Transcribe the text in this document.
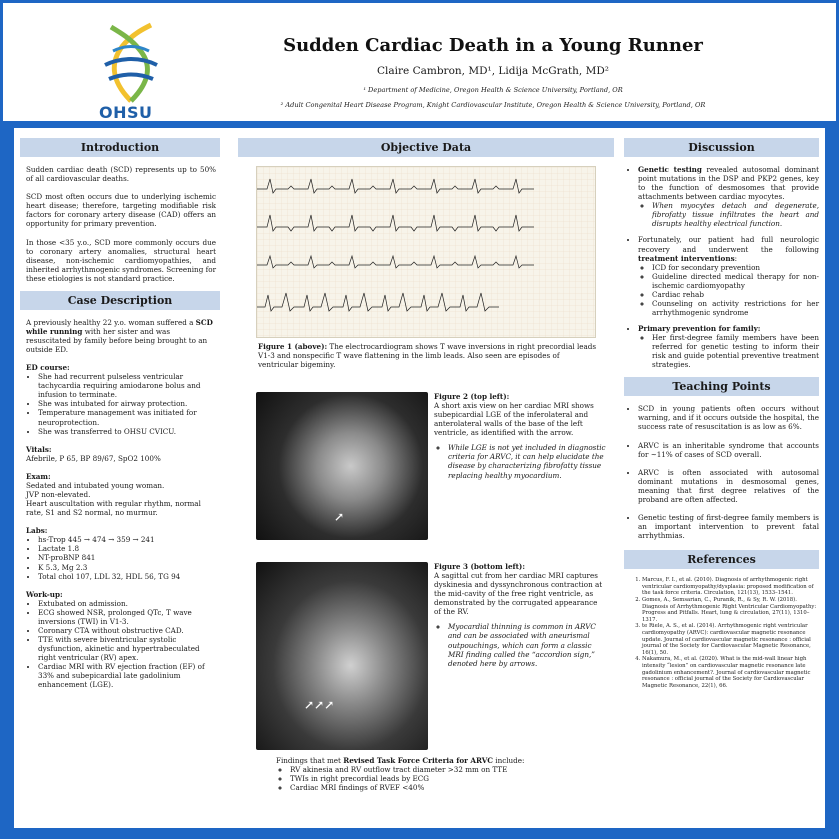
OHSU
Sudden Cardiac Death in a Young Runner
Claire Cambron, MD¹, Lidija McGrath, MD²
¹ Department of Medicine, Oregon Health & Science University, Portland, OR
² Adult Congenital Heart Disease Program, Knight Cardiovascular Institute, Oregon Health & Science University, Portland, OR
Introduction

Sudden cardiac death (SCD) represents up to 50% of all cardiovascular deaths.

SCD most often occurs due to underlying ischemic heart disease; therefore, targeting modifiable risk factors for coronary artery disease (CAD) offers an opportunity for primary prevention.

In those <35 y.o., SCD more commonly occurs due to coronary artery anomalies, structural heart disease, non-ischemic cardiomyopathies, and inherited arrhythmogenic syndromes. Screening for these etiologies is not standard practice.

Case Description

A previously healthy 22 y.o. woman suffered a SCD while running with her sister and was resuscitated by family before being brought to an outside ED.

ED course:

• She had recurrent pulseless ventricular tachycardia requiring amiodarone bolus and infusion to terminate.
• She was intubated for airway protection.
• Temperature management was initiated for neuroprotection.
• She was transferred to OHSU CVICU.

Vitals:

Afebrile, P 65, BP 89/67, SpO2 100%

Exam:

Sedated and intubated young woman.

JVP non-elevated.

Heart auscultation with regular rhythm, normal rate, S1 and S2 normal, no murmur.

Labs:

• hs-Trop 445 → 474 → 359 → 241
• Lactate 1.8
• NT-proBNP 841
• K 5.3, Mg 2.3
• Total chol 107, LDL 32, HDL 56, TG 94

Work-up:

• Extubated on admission.
• ECG showed NSR, prolonged QTc, T wave inversions (TWI) in V1-3.
• Coronary CTA without obstructive CAD.
• TTE with severe biventricular systolic dysfunction, akinetic and hypertrabeculated right ventricular (RV) apex.
• Cardiac MRI with RV ejection fraction (EF) of 33% and subepicardial late gadolinium enhancement (LGE).
Objective Data
Figure 1 (above): The electrocardiogram shows T wave inversions in right precordial leads V1-3 and nonspecific T wave flattening in the limb leads. Also seen are episodes of ventricular bigeminy.
↗

Figure 2 (top left):

A short axis view on her cardiac MRI shows subepicardial LGE of the inferolateral and anterolateral walls of the base of the left ventricle, as identified with the arrow.

◦ While LGE is not yet included in diagnostic criteria for ARVC, it can help elucidate the disease by characterizing fibrofatty tissue replacing healthy myocardium.
↗↗↗

Figure 3 (bottom left):

A sagittal cut from her cardiac MRI captures dyskinesia and dyssynchronous contraction at the mid-cavity of the free right ventricle, as demonstrated by the corrugated appearance of the RV.

◦ Myocardial thinning is common in ARVC and can be associated with aneurismal outpouchings, which can form a classic MRI finding called the “accordion sign,” denoted here by arrows.

Findings that met Revised Task Force Criteria for ARVC include:

◦ RV akinesia and RV outflow tract diameter >32 mm on TTE
◦ TWIs in right precordial leads by ECG
◦ Cardiac MRI findings of RVEF <40%
Discussion
• Genetic testing revealed autosomal dominant point mutations in the DSP and PKP2 genes, key to the function of desmosomes that provide attachments between cardiac myocytes.
◦ When myocytes detach and degenerate, fibrofatty tissue infiltrates the heart and disrupts healthy electrical function.
• Fortunately, our patient had full neurologic recovery and underwent the following treatment interventions:
◦ ICD for secondary prevention
◦ Guideline directed medical therapy for non-ischemic cardiomyopathy
◦ Cardiac rehab
◦ Counseling on activity restrictions for her arrhythmogenic syndrome
• Primary prevention for family:
◦ Her first-degree family members have been referred for genetic testing to inform their risk and guide potential preventive treatment strategies.
Teaching Points
• SCD in young patients often occurs without warning, and if it occurs outside the hospital, the success rate of resuscitation is as low as 6%.
• ARVC is an inheritable syndrome that accounts for ~11% of cases of SCD overall.
• ARVC is often associated with autosomal dominant mutations in desmosomal genes, meaning that first degree relatives of the proband are often affected.
• Genetic testing of first-degree family members is an important intervention to prevent fatal arrhythmias.
References
1. Marcus, F. I., et al. (2010). Diagnosis of arrhythmogenic right ventricular cardiomyopathy/dysplasia: proposed modification of the task force criteria. Circulation, 121(13), 1533–1541.
2. Gomes, A., Semsarian, C., Puranik, R., & Sy, R. W. (2018). Diagnosis of Arrhythmogenic Right Ventricular Cardiomyopathy: Progress and Pitfalls. Heart, lung & circulation, 27(11), 1310–1317.
3. te Riele, A. S., et al. (2014). Arrhythmogenic right ventricular cardiomyopathy (ARVC): cardiovascular magnetic resonance update. Journal of cardiovascular magnetic resonance : official journal of the Society for Cardiovascular Magnetic Resonance, 16(1), 50.
4. Nakamura, M., et al. (2020). What is the mid-wall linear high intensity “lesion” on cardiovascular magnetic resonance late gadolinium enhancement?. Journal of cardiovascular magnetic resonance : official journal of the Society for Cardiovascular Magnetic Resonance, 22(1), 66.
